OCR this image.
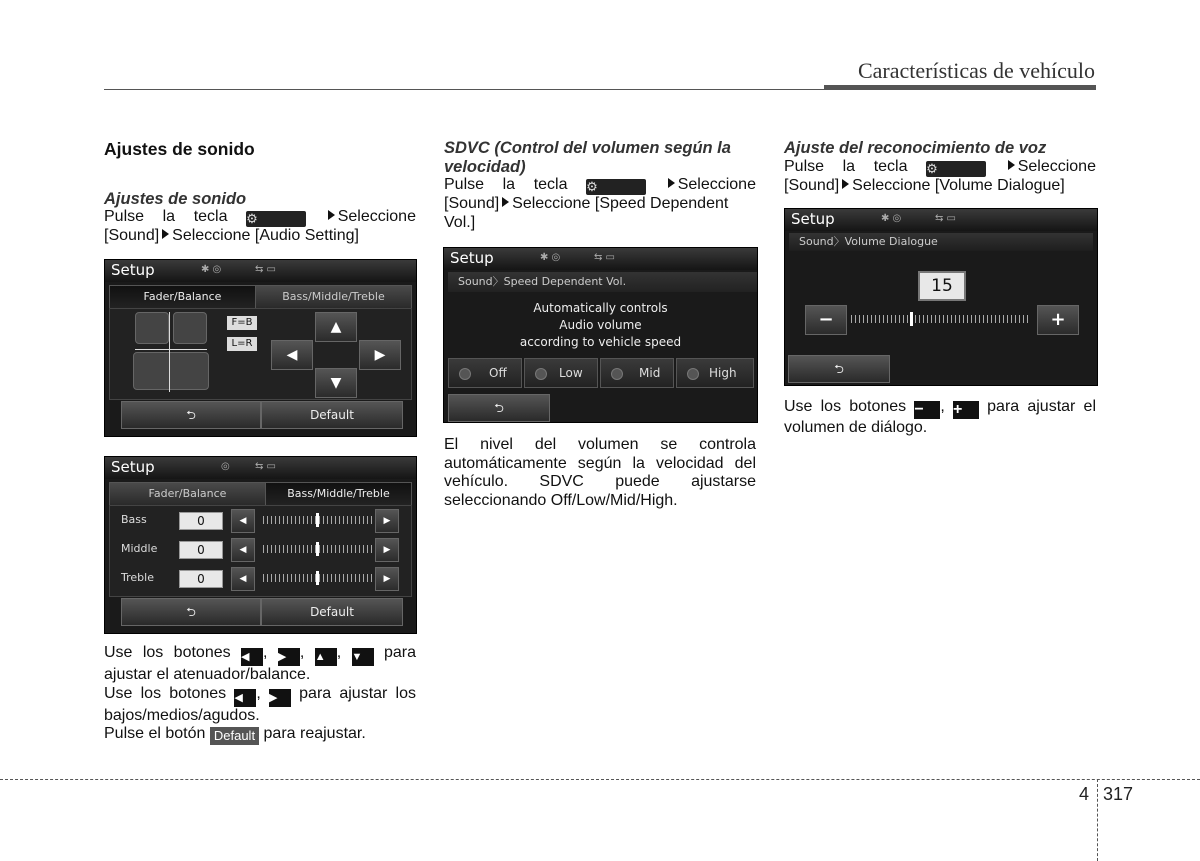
Características de vehículo
Ajustes de sonido
Ajustes de sonido
Pulse la tecla ⚙	Seleccione
[Sound] Seleccione [Audio Setting]
Setup	✱ ◎	⇆ ▭
Fader/Balance	Bass/Middle/Treble
F=B
L=R
▲
◀	▶
▼
⮌	Default
Setup	◎	⇆ ▭
Fader/Balance	Bass/Middle/Treble
Bass	0	◀	▶
Middle	0	◀	▶
Treble	0	◀	▶
⮌	Default
Use los botones ◀ , ▶ , ▲ , ▼ para
ajustar el atenuador/balance.
Use los botones ◀ , ▶ para ajustar los
bajos/medios/agudos.
Pulse el botón Default para reajustar.
SDVC (Control del volumen según la
velocidad)
Pulse la tecla ⚙	Seleccione
[Sound] Seleccione [Speed Dependent
Vol.]
Setup	✱ ◎	⇆ ▭
Sound〉Speed Dependent Vol.
Automatically controls
Audio volume
according to vehicle speed
Off	Low	Mid	High
⮌
El nivel del volumen se controla
automáticamente según la velocidad del
vehículo. SDVC puede ajustarse
seleccionando Off/Low/Mid/High.
Ajuste del reconocimiento de voz
Pulse la tecla ⚙	Seleccione
[Sound] Seleccione [Volume Dialogue]
Setup	✱ ◎	⇆ ▭
Sound〉Volume Dialogue
15
−	+
⮌
Use los botones − , + para ajustar el
volumen de diálogo.
4 317
